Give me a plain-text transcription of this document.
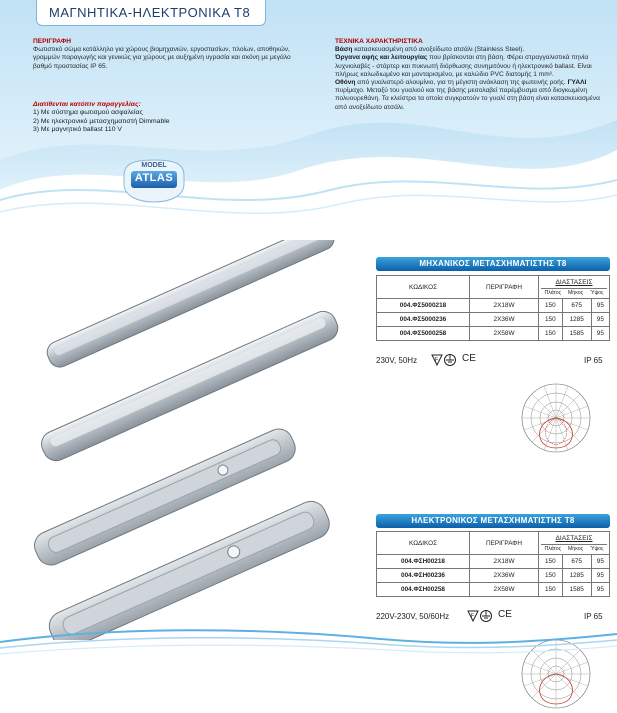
ΜΑΓΝΗΤΙΚΑ-ΗΛΕΚΤΡΟΝΙΚΑ T8
ΠΕΡΙΓΡΑΦΗ
Φωτιστικό σώμα κατάλληλο για χώρους βιομηχανιών, εργοστασίων, πλοίων, αποθηκών, γραμμών παραγωγής και γενικώς για χώρους με αυξημένη υγρασία και σκόνη με μεγάλο βαθμό προστασίας IP 65.
Διατίθενται κατόπιν παραγγελίας:
1) Με σύστημα φωτισμού ασφαλείας
2) Με ηλεκτρονικό μετασχηματιστή Dimmable
3) Με μαγνητικό ballast 110 V
ΤΕΧΝΙΚΑ ΧΑΡΑΚΤΗΡΙΣΤΙΚΑ
Βάση κατασκευασμένη από ανοξείδωτο ατσάλι (Stainless Steel).
Όργανα αφής και λειτουργίας που βρίσκονται στη βάση. Φέρει στραγγαλιστικά πηνία λυχνιολαβές - στάρτερ και πυκνωτή διόρθωσης συνημιτόνου ή ηλεκτρονικό ballast. Είναι πλήρως καλωδιωμένο και μονταρισμένο, με καλώδιο PVC διατομής 1 mm².
Οθόνη από γυαλιστερό αλουμίνιο, για τη μέγιστη ανάκλαση της φωτεινής ροής. ΓΥΑΛΙ πυρίμαχο. Μεταξύ του γυαλιού και της βάσης μεσολαβεί παρέμβυσμα από διογκωμένη πολυουρεθάνη. Τα κλείστρα τα οποία συγκρατούν το γυαλί στη βάση είναι κατασκευασμένα από ανοξείδωτο ατσάλι.
MODEL
ATLAS
ΜΗΧΑΝΙΚΟΣ ΜΕΤΑΣΧΗΜΑΤΙΣΤΗΣ T8
ΚΩΔΙΚΟΣ	ΠΕΡΙΓΡΑΦΗ	ΔΙΑΣΤΑΣΕΙΣ
Πλάτος Μήκος Ύψος		

004.ΦΣ5000218	2X18W	150	675	95
004.ΦΣ5000236	2X36W	150	1285	95
004.ΦΣ5000258	2X58W	150	1585	95
230V, 50Hz	F CE	IP 65
ΗΛΕΚΤΡΟΝΙΚΟΣ ΜΕΤΑΣΧΗΜΑΤΙΣΤΗΣ T8
ΚΩΔΙΚΟΣ	ΠΕΡΙΓΡΑΦΗ	ΔΙΑΣΤΑΣΕΙΣ
Πλάτος Μήκος Ύψος		

004.ΦΣΗ00218	2X18W	150	675	95
004.ΦΣΗ00236	2X36W	150	1285	95
004.ΦΣΗ00258	2X58W	150	1585	95
220V-230V, 50/60Hz	F CE	IP 65
